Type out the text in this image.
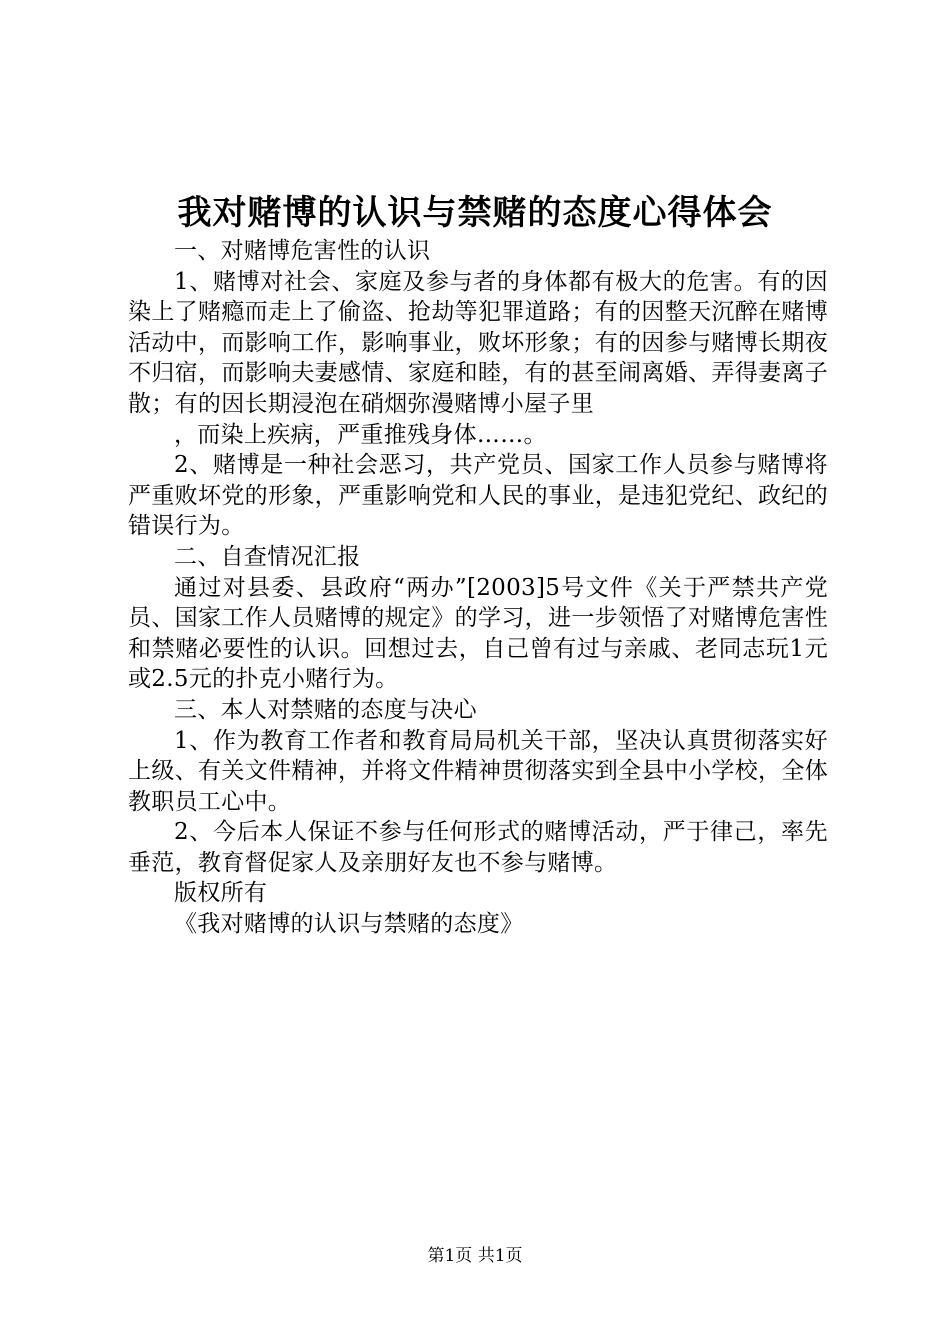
我对赌博的认识与禁赌的态度心得体会

一、对赌博危害性的认识

1、赌博对社会、家庭及参与者的身体都有极大的危害。有的因染上了赌瘾而走上了偷盗、抢劫等犯罪道路；有的因整天沉醉在赌博活动中，而影响工作，影响事业，败坏形象；有的因参与赌博长期夜不归宿，而影响夫妻感情、家庭和睦，有的甚至闹离婚、弄得妻离子散；有的因长期浸泡在硝烟弥漫赌博小屋子里

，而染上疾病，严重推残身体……。

2、赌博是一种社会恶习，共产党员、国家工作人员参与赌博将严重败坏党的形象，严重影响党和人民的事业，是违犯党纪、政纪的错误行为。

二、自查情况汇报

通过对县委、县政府“两办”[2003]5号文件《关于严禁共产党员、国家工作人员赌博的规定》的学习，进一步领悟了对赌博危害性和禁赌必要性的认识。回想过去，自己曾有过与亲戚、老同志玩1元或2.5元的扑克小赌行为。

三、本人对禁赌的态度与决心

1、作为教育工作者和教育局局机关干部，坚决认真贯彻落实好上级、有关文件精神，并将文件精神贯彻落实到全县中小学校，全体教职员工心中。

2、今后本人保证不参与任何形式的赌博活动，严于律己，率先垂范，教育督促家人及亲朋好友也不参与赌博。

版权所有

《我对赌博的认识与禁赌的态度》

第1页 共1页
